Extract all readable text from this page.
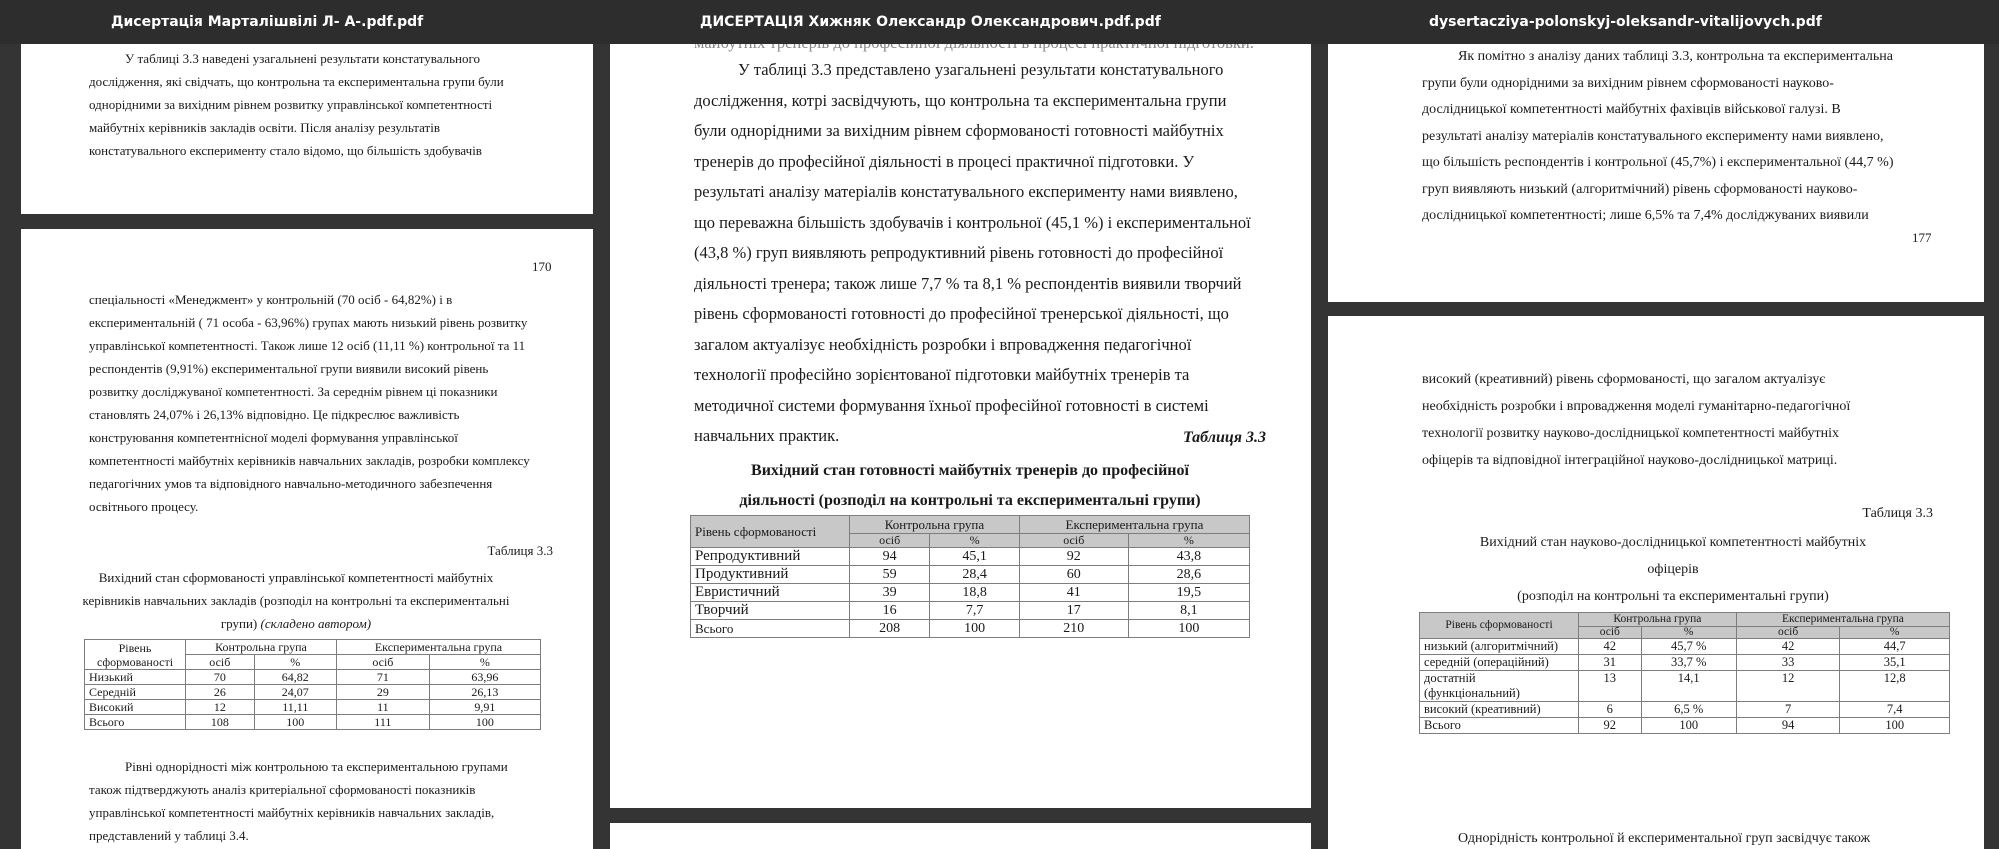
Дисертація Марталішвілі Л- А-.pdf.pdf
У таблиці 3.3 наведені узагальнені результати констатувального
дослідження, які свідчать, що контрольна та експериментальна групи були
однорідними за вихідним рівнем розвитку управлінської компетентності
майбутніх керівників закладів освіти. Після аналізу результатів
констатувального експерименту стало відомо, що більшість здобувачів
170
спеціальності «Менеджмент» у контрольній (70 осіб - 64,82%) і в
експериментальній ( 71 особа - 63,96%) групах мають низький рівень розвитку
управлінської компетентності. Також лише 12 осіб (11,11 %) контрольної та 11
респондентів (9,91%) експериментальної групи виявили високий рівень
розвитку досліджуваної компетентності. За середнім рівнем ці показники
становлять 24,07% і 26,13% відповідно. Це підкреслює важливість
конструювання компетентнісної моделі формування управлінської
компетентності майбутніх керівників навчальних закладів, розробки комплексу
педагогічних умов та відповідного навчально-методичного забезпечення
освітнього процесу.
Таблиця 3.3
Вихідний стан сформованості управлінської компетентності майбутніх
керівників навчальних закладів (розподіл на контрольні та експериментальні
групи) (складено автором)
Рівень сформованості	Контрольна група		Експериментальна група	
	осіб	%	осіб	%
Низький	70	64,82	71	63,96
Середній	26	24,07	29	26,13
Високий	12	11,11	11	9,91
Всього	108	100	111	100
Рівні однорідності між контрольною та експериментальною групами
також підтверджують аналіз критеріальної сформованості показників
управлінської компетентності майбутніх керівників навчальних закладів,
представлений у таблиці 3.4.
ДИСЕРТАЦІЯ Хижняк Олександр Олександрович.pdf.pdf
У таблиці 3.3 представлено узагальнені результати констатувального
дослідження, котрі засвідчують, що контрольна та експериментальна групи
були однорідними за вихідним рівнем сформованості готовності майбутніх
тренерів до професійної діяльності в процесі практичної підготовки. У
результаті аналізу матеріалів констатувального експерименту нами виявлено,
що переважна більшість здобувачів і контрольної (45,1 %) і експериментальної
(43,8 %) груп виявляють репродуктивний рівень готовності до професійної
діяльності тренера; також лише 7,7 % та 8,1 % респондентів виявили творчий
рівень сформованості готовності до професійної тренерської діяльності, що
загалом актуалізує необхідність розробки і впровадження педагогічної
технології професійно зорієнтованої підготовки майбутніх тренерів та
методичної системи формування їхньої професійної готовності в системі
навчальних практик.	Таблиця 3.3
Вихідний стан готовності майбутніх тренерів до професійної
діяльності (розподіл на контрольні та експериментальні групи)
Рівень сформованості	Контрольна група		Експериментальна група	
	осіб	%	осіб	%
Репродуктивний	94	45,1	92	43,8
Продуктивний	59	28,4	60	28,6
Евристичний	39	18,8	41	19,5
Творчий	16	7,7	17	8,1
Всього	208	100	210	100
dysertacziya-polonskyj-oleksandr-vitalijovych.pdf
Як помітно з аналізу даних таблиці 3.3, контрольна та експериментальна
групи були однорідними за вихідним рівнем сформованості науково-
дослідницької компетентності майбутніх фахівців військової галузі. В
результаті аналізу матеріалів констатувального експерименту нами виявлено,
що більшість респондентів і контрольної (45,7%) і експериментальної (44,7 %)
груп виявляють низький (алгоритмічний) рівень сформованості науково-
дослідницької компетентності; лише 6,5% та 7,4% досліджуваних виявили
177
високий (креативний) рівень сформованості, що загалом актуалізує
необхідність розробки і впровадження моделі гуманітарно-педагогічної
технології розвитку науково-дослідницької компетентності майбутніх
офіцерів та відповідної інтеграційної науково-дослідницької матриці.
Таблиця 3.3
Вихідний стан науково-дослідницької компетентності майбутніх
офіцерів
(розподіл на контрольні та експериментальні групи)
Рівень сформованості	Контрольна група		Експериментальна група	
	осіб	%	осіб	%
низький (алгоритмічний)	42	45,7 %	42	44,7
середній (операційний)	31	33,7 %	33	35,1
достатній (функціональний)	13	14,1	12	12,8
високий (креативний)	6	6,5 %	7	7,4
Всього	92	100	94	100
Однорідність контрольної й експериментальної груп засвідчує також
